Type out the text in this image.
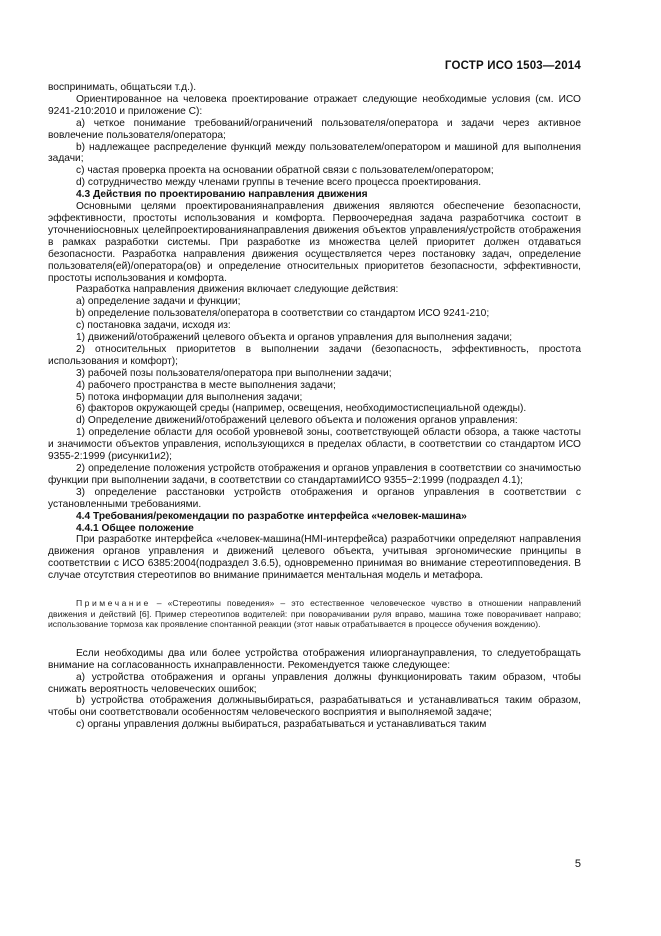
ГОСТР ИСО 1503—2014

воспринимать, общатьсяи т.д.).

Ориентированное на человека проектирование отражает следующие необходимые условия (см. ИСО 9241-210:2010 и приложение С):

а) четкое понимание требований/ограничений пользователя/оператора и задачи через активное вовлечение пользователя/оператора;

b) надлежащее распределение функций между пользователем/оператором и машиной для выполнения задачи;

c) частая проверка проекта на основании обратной связи с пользователем/оператором;

d) сотрудничество между членами группы в течение всего процесса проектирования.

4.3 Действия по проектированию направления движения

Основными целями проектированиянаправления движения являются обеспечение безопасности, эффективности, простоты использования и комфорта. Первоочередная задача разработчика состоит в уточнениiосновных целейпроектированиянаправления движения объектов управления/устройств отображения в рамках разработки системы. При разработке из множества целей приоритет должен отдаваться безопасности. Разработка направления движения осуществляется через постановку задач, определение пользователя(ей)/оператора(ов) и определение относительных приоритетов безопасности, эффективности, простоты использования и комфорта.

Разработка направления движения включает следующие действия:

а) определение задачи и функции;

b) определение пользователя/оператора в соответствии со стандартом ИСО 9241-210;

c) постановка задачи, исходя из:

1) движений/отображений целевого объекта и органов управления для выполнения задачи;

2) относительных приоритетов в выполнении задачи (безопасность, эффективность, простота использования и комфорт);

3) рабочей позы пользователя/оператора при выполнении задачи;

4) рабочего пространства в месте выполнения задачи;

5) потока информации для выполнения задачи;

6) факторов окружающей среды (например, освещения, необходимостиспециальной одежды).

d) Определение движений/отображений целевого объекта и положения органов управления:

1) определение области для особой уровневой зоны, соответствующей области обзора, а также частоты и значимости объектов управления, использующихся в пределах области, в соответствии со стандартом ИСО 9355-2:1999 (рисунки1и2);

2) определение положения устройств отображения и органов управления в соответствии со значимостью функции при выполнении задачи, в соответствии со стандартамиИСО 9355−2:1999 (подраздел 4.1);

3) определение расстановки устройств отображения и органов управления в соответствии с установленными требованиями.

4.4 Требования/рекомендации по разработке интерфейса «человек-машина»

4.4.1 Общее положение

При разработке интерфейса «человек-машина(HMI-интерфейса) разработчики определяют направления движения органов управления и движений целевого объекта, учитывая эргономические принципы в соответствии с ИСО 6385:2004(подраздел 3.6.5), одновременно принимая во внимание стереотипповедения. В случае отсутствия стереотипов во внимание принимается ментальная модель и метафора.

Примечание – «Стереотипы поведения» – это естественное человеческое чувство в отношении направлений движения и действий [6]. Пример стереотипов водителей: при поворачивании руля вправо, машина тоже поворачивает направо; использование тормоза как проявление спонтанной реакции (этот навык отрабатывается в процессе обучения вождению).

Если необходимы два или более устройства отображения илиорганауправления, то следуетобращать внимание на согласованность ихнаправленности. Рекомендуется также следующее:

а) устройства отображения и органы управления должны функционировать таким образом, чтобы снижать вероятность человеческих ошибок;

b) устройства отображения должнывыбираться, разрабатываться и устанавливаться таким образом, чтобы они соответствовали особенностям человеческого восприятия и выполняемой задаче;

c) органы управления должны выбираться, разрабатываться и устанавливаться таким

5
